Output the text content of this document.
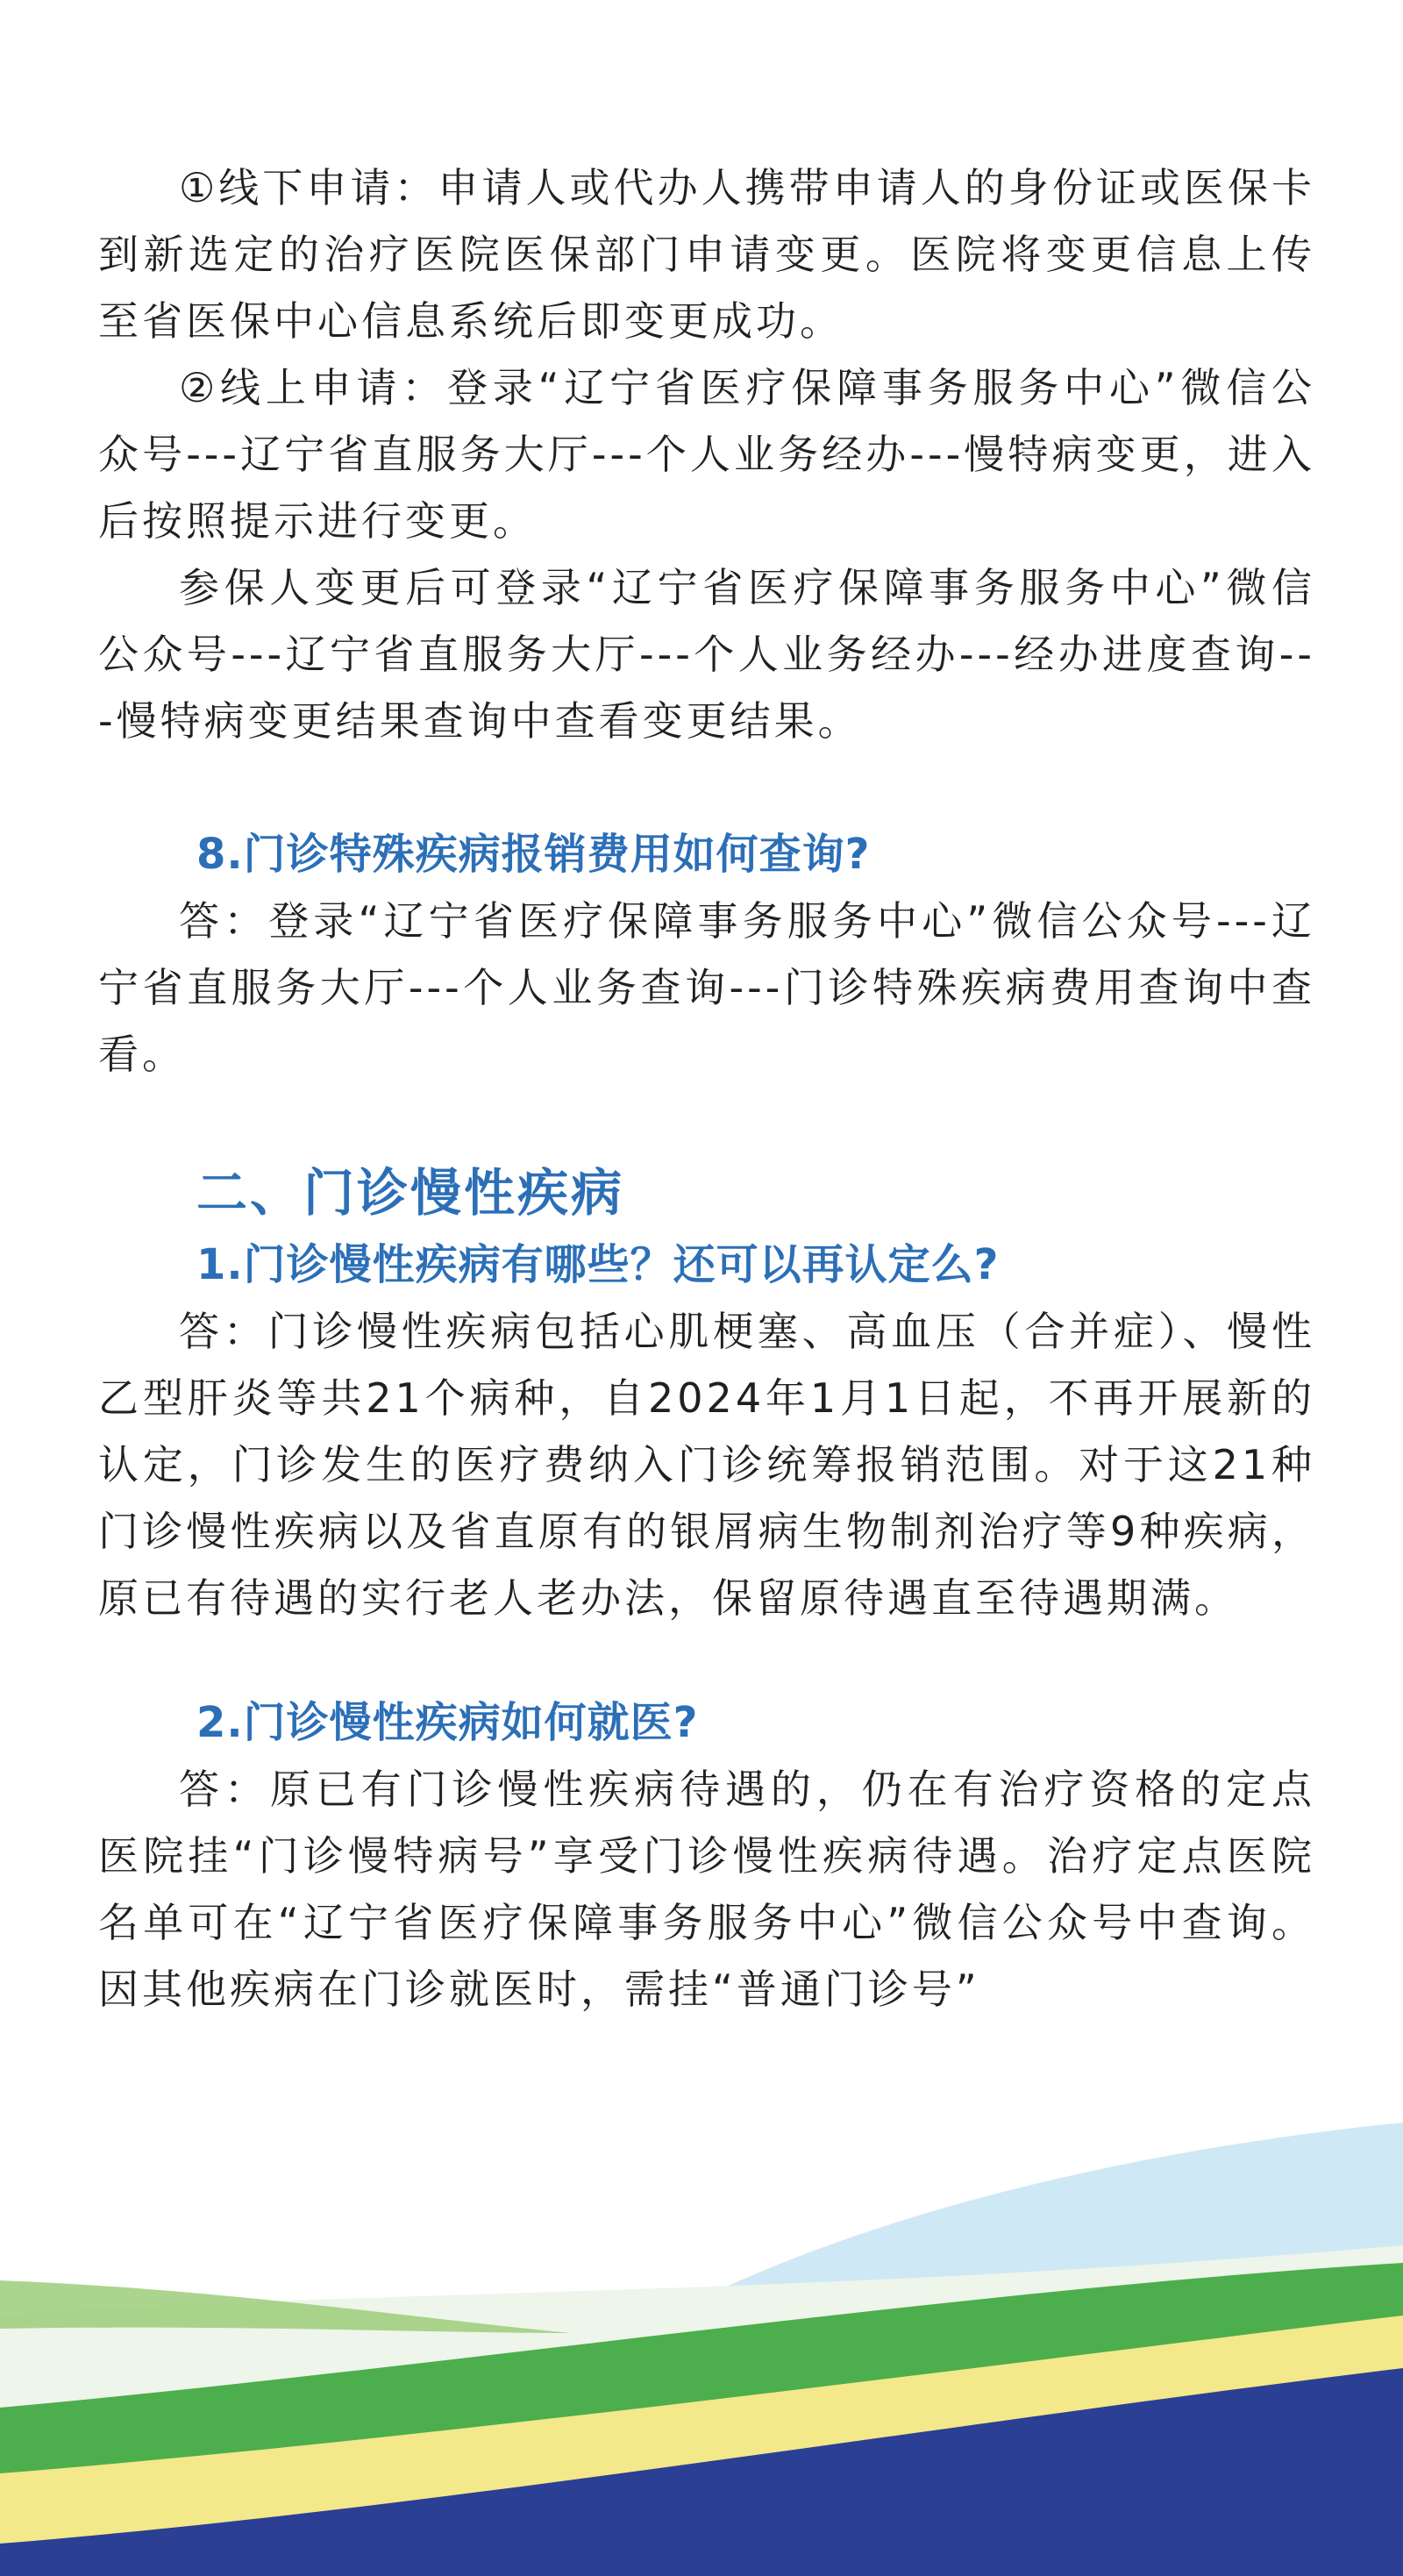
①线下申请：申请人或代办人携带申请人的身份证或医保卡到新选定的治疗医院医保部门申请变更。医院将变更信息上传至省医保中心信息系统后即变更成功。

②线上申请：登录“辽宁省医疗保障事务服务中心”微信公众号---辽宁省直服务大厅---个人业务经办---慢特病变更，进入后按照提示进行变更。

参保人变更后可登录“辽宁省医疗保障事务服务中心”微信公众号---辽宁省直服务大厅---个人业务经办---经办进度查询---慢特病变更结果查询中查看变更结果。

8.门诊特殊疾病报销费用如何查询?

答：登录“辽宁省医疗保障事务服务中心”微信公众号---辽宁省直服务大厅---个人业务查询---门诊特殊疾病费用查询中查看。

二、门诊慢性疾病
1.门诊慢性疾病有哪些？还可以再认定么?

答：门诊慢性疾病包括心肌梗塞、高血压（合并症）、慢性乙型肝炎等共21个病种，自2024年1月1日起，不再开展新的认定，门诊发生的医疗费纳入门诊统筹报销范围。对于这21种门诊慢性疾病以及省直原有的银屑病生物制剂治疗等9种疾病，原已有待遇的实行老人老办法，保留原待遇直至待遇期满。

2.门诊慢性疾病如何就医?

答：原已有门诊慢性疾病待遇的，仍在有治疗资格的定点医院挂“门诊慢特病号”享受门诊慢性疾病待遇。治疗定点医院名单可在“辽宁省医疗保障事务服务中心”微信公众号中查询。因其他疾病在门诊就医时，需挂“普通门诊号”
